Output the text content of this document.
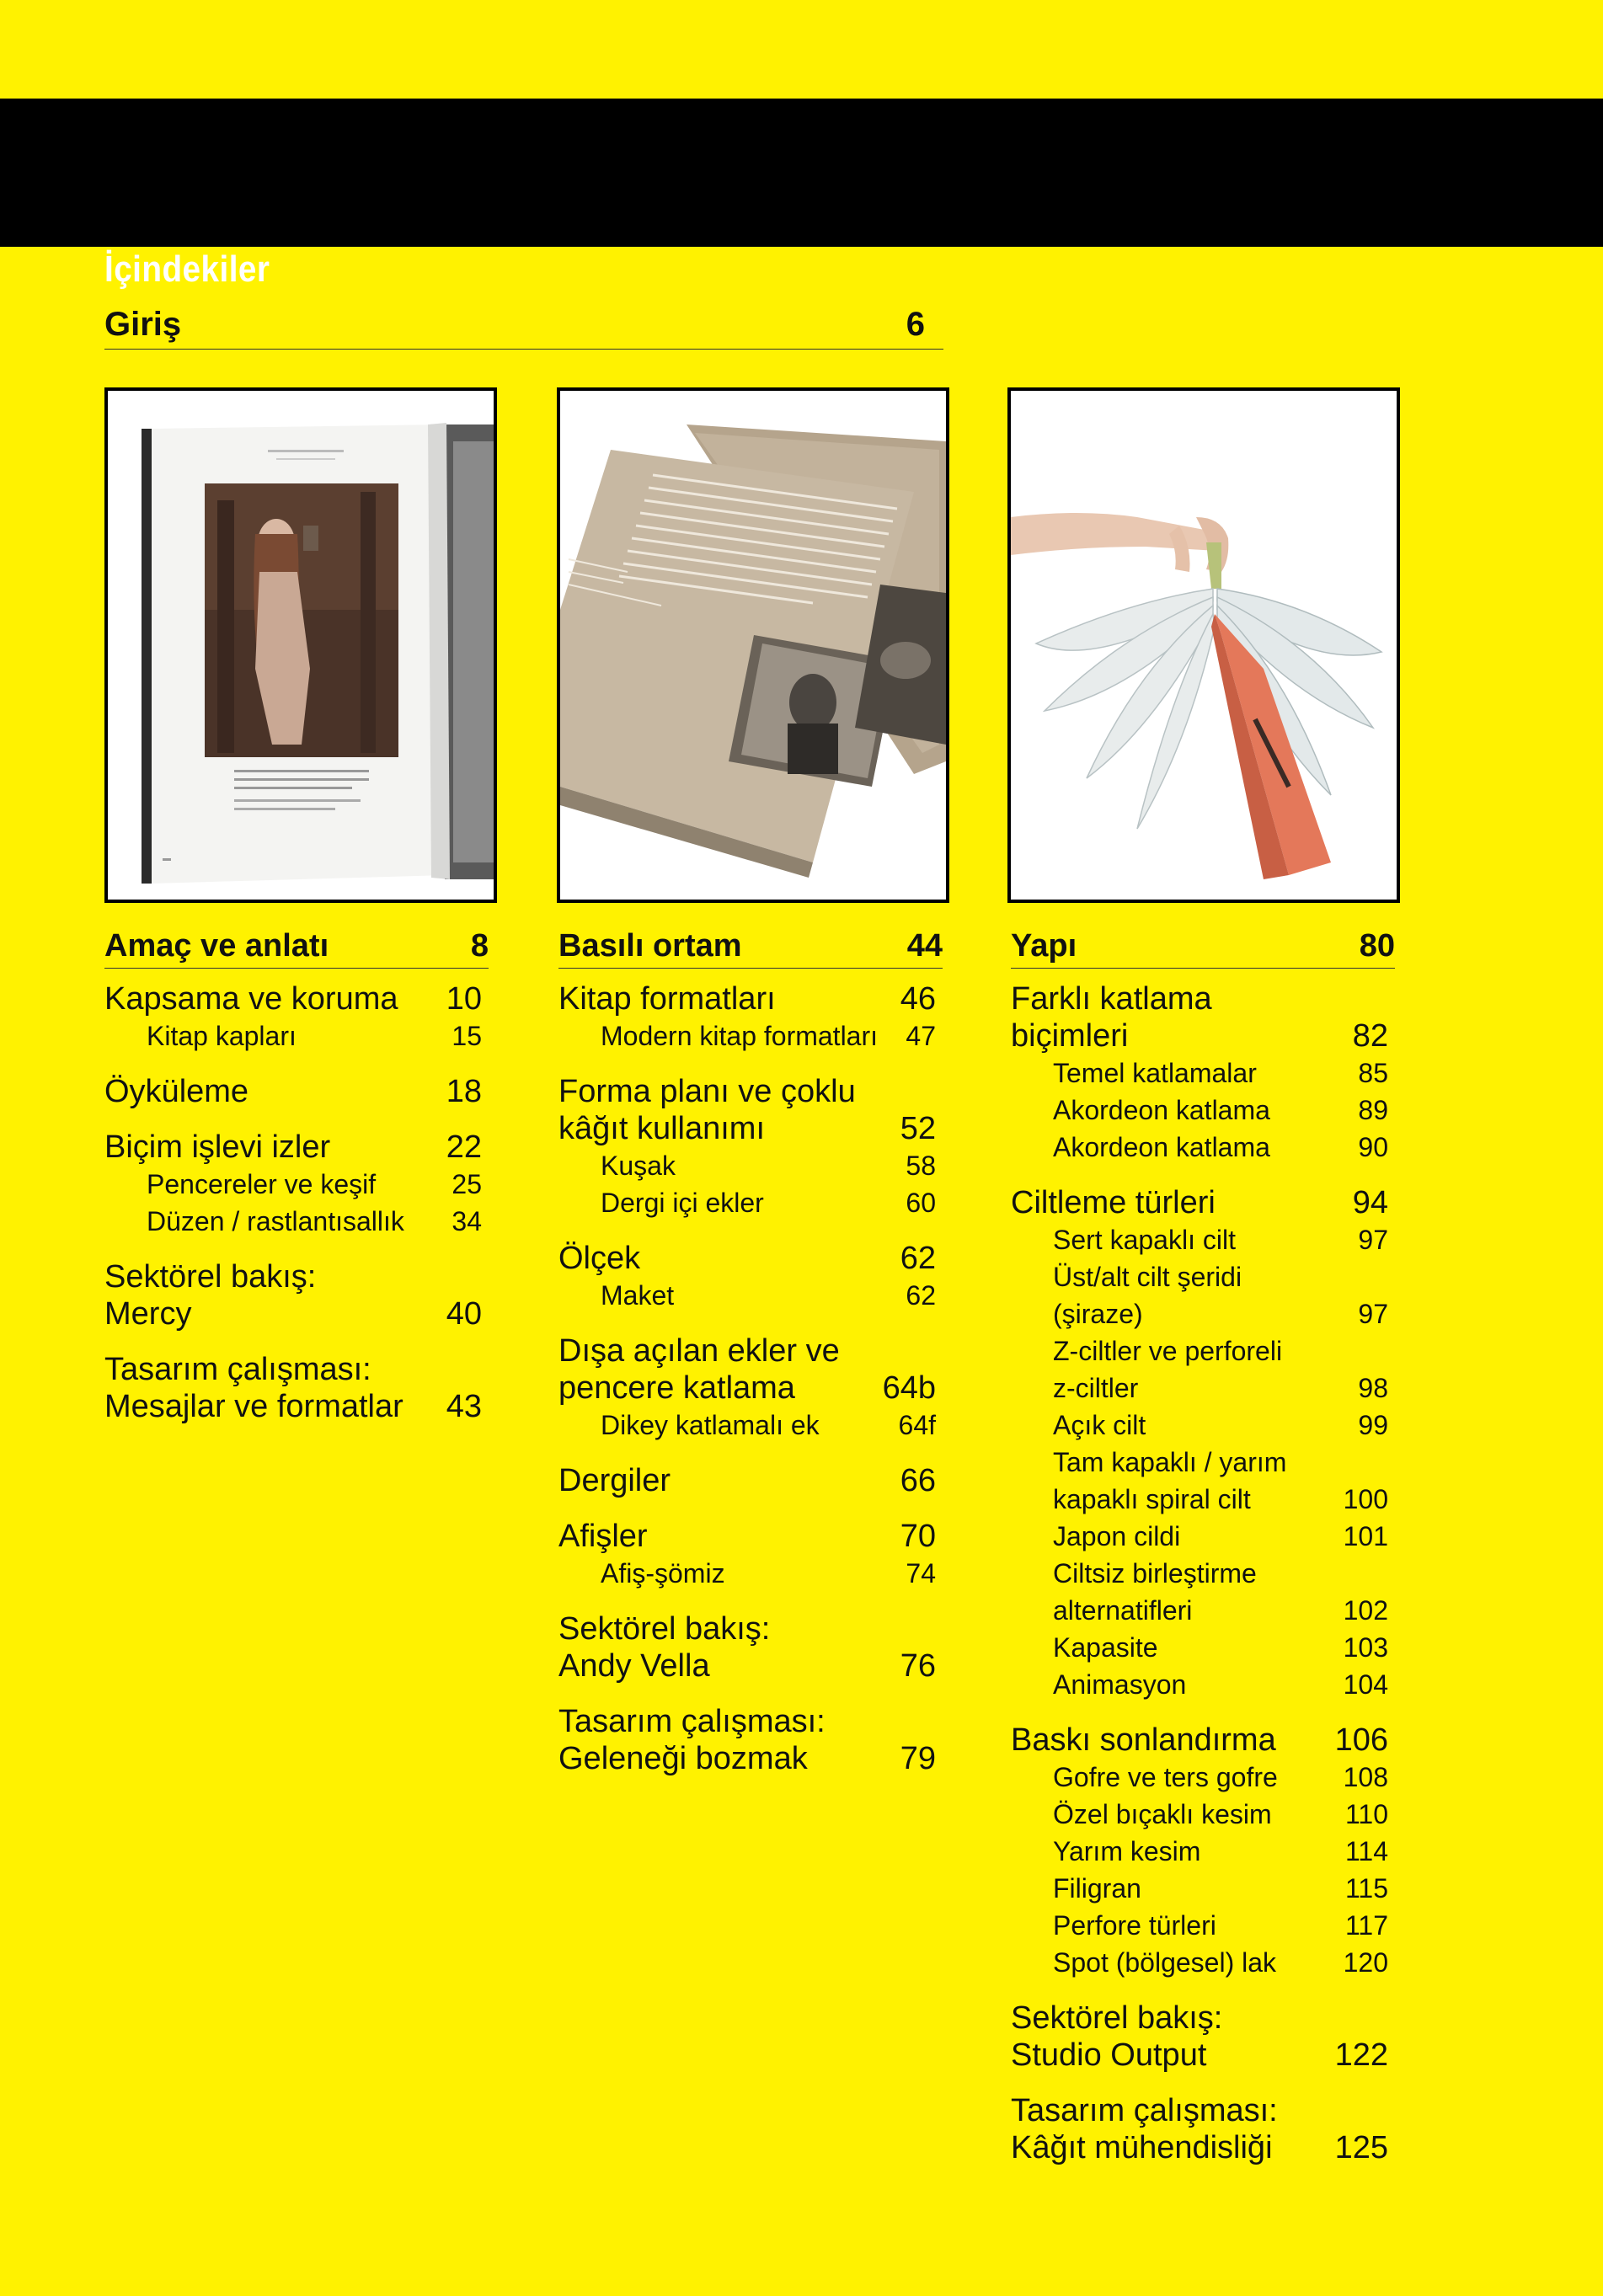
İçindekiler
Giriş	6
Amaç ve anlatı	8
Kapsama ve koruma 10
Kitap kapları	15
Öyküleme	18
Biçim işlevi izler	22
Pencereler ve keşif	25
Düzen / rastlantısallık 34
Sektörel bakış:
Mercy	40
Tasarım çalışması:
Mesajlar ve formatlar 43
Basılı ortam	44
Kitap formatları	46
Modern kitap formatları 47
Forma planı ve çoklu
kâğıt kullanımı	52
Kuşak	58
Dergi içi ekler	60
Ölçek	62
Maket	62
Dışa açılan ekler ve
pencere katlama	64b
Dikey katlamalı ek	64f
Dergiler	66
Afişler	70
Afiş-şömiz	74
Sektörel bakış:
Andy Vella	76
Tasarım çalışması:
Geleneği bozmak	79
Yapı	80
Farklı katlama
biçimleri	82
Temel katlamalar	85
Akordeon katlama	89
Akordeon katlama	90
Ciltleme türleri	94
Sert kapaklı cilt	97
Üst/alt cilt şeridi
(şiraze)	97
Z-ciltler ve perforeli
z-ciltler	98
Açık cilt	99
Tam kapaklı / yarım
kapaklı spiral cilt	100
Japon cildi	101
Ciltsiz birleştirme
alternatifleri	102
Kapasite	103
Animasyon	104
Baskı sonlandırma 106
Gofre ve ters gofre 108
Özel bıçaklı kesim	110
Yarım kesim	114
Filigran	115
Perfore türleri	117
Spot (bölgesel) lak 120
Sektörel bakış:
Studio Output	122
Tasarım çalışması:
Kâğıt mühendisliği 125
